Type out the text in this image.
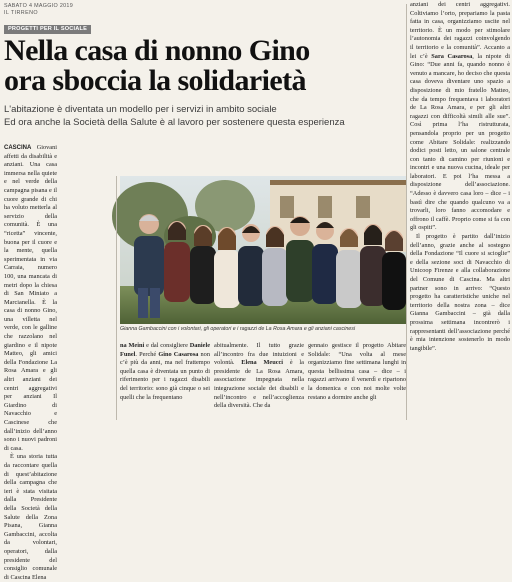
SABATO 4 MAGGIO 2019
IL TIRRENO
PROGETTI PER IL SOCIALE
Nella casa di nonno Gino
ora sboccia la solidarietà
L'abitazione è diventata un modello per i servizi in ambito sociale
Ed ora anche la Società della Salute è al lavoro per sostenere questa esperienza

CASCINA Giovani affetti da disabilità e anziani. Una casa immersa nella quiete e nel verde della campagna pisana e il cuore grande di chi ha voluto metterla al servizio della comunità. È una “ricetta” vincente, buona per il cuore e la mente, quella sperimentata in via Carraia, numero 100, una mancata di metri dopo la chiesa di San Miniato a Marcianella. È la casa di nonno Gino, una villetta nel verde, con le galline che razzolano nel giardino e il nipote Matteo, gli amici della Fondazione La Rosa Amara e gli altri anziani dei centri aggregativi per anziani Il Giardino di Navacchio e Cascinese che dall’inizio dell’anno sono i nuovi padroni di casa.

È una storia tutta da raccontare quella di quest’abitazione della campagna che ieri è stata visitata dalla Presidente della Società della Salute della Zona Pisana, Gianna Gambaccini, accolta da volontari, operatori, dalla presidente del consiglio comunale di Cascina Elena

Gianna Gambaccini con i volontari, gli operatori e i ragazzi de La Rosa Amara e gli anziani cascinesi

na Meini e dal consigliere Daniele Funel. Perché Gino Casarosa non c’è più da anni, ma nel frattempo quella casa è diventata un punto di riferimento per i ragazzi disabili del territorio: sono già cinque o sei quelli che la frequentano

abitualmente. Il tutto grazie all’incontro fra due intuizioni e volontà. Elena Meucci è la presidente de La Rosa Amara, associazione impegnata nella integrazione sociale dei disabili e nell’incontro e nell’accoglienza della diversità. Che da

gennaio gestisce il progetto Abitare Solidale: “Una volta al mese organizziamo fine settimana lunghi in questa bellissima casa – dice – i ragazzi arrivano il venerdì e ripartono la domenica e con noi molte volte restano a dormire anche gli

anziani dei centri aggregativi. Coltiviamo l’orto, prepariamo la pasta fatta in casa, organizziamo uscite nel territorio. È un modo per stimolare l’autonomia dei ragazzi coinvolgendo il territorio e la comunità”. Accanto a lei c’è Sara Casarosa, la nipote di Gino: “Due anni fa, quando nonno è venuto a mancare, ho deciso che questa casa doveva diventare uno spazio a disposizione di mio fratello Matteo, che da tempo frequentava i laboratori de La Rosa Amara, e per gli altri ragazzi con difficoltà simili alle sue”. Così prima l’ha ristrutturata, pensandola proprio per un progetto come Abitare Solidale: realizzando dodici posti letto, un salone centrale con tanto di camino per riunioni e incontri e una nuova cucina, ideale per laboratori. E poi l’ha messa a disposizione dell’associazione. “Adesso è davvero casa loro – dice – i bastì dire che quando qualcuno va a trovarli, loro fanno accomodare e offrono il caffè. Proprio come si fa con gli ospiti”.

Il progetto è partito dall’inizio dell’anno, grazie anche al sostegno della Fondazione “Il cuore si scioglie” e della sezione soci di Navacchio di Unicoop Firenze e alla collaborazione del Comune di Cascina. Ma altri partner sono in arrivo: “Questo progetto ha caratteristiche uniche nel territorio della nostra zona – dice Gianna Gambaccini – già dalla prossima settimana incontrerò i rappresentanti dell’associazione perché è mia intenzione sostenerlo in modo tangibile”.
